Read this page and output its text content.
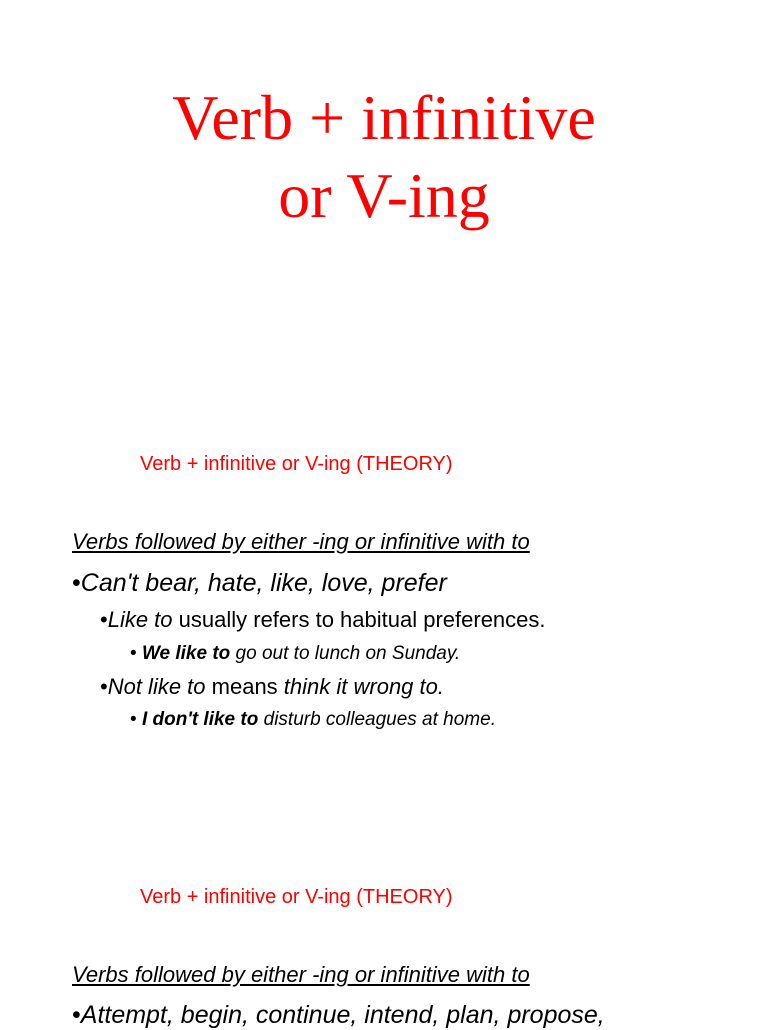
Verb + infinitive
or V-ing
Verb + infinitive or V-ing (THEORY)
Verbs followed by either -ing or infinitive with to
•Can't bear, hate, like, love, prefer
•Like to usually refers to habitual preferences.
• We like to go out to lunch on Sunday.
•Not like to means think it wrong to.
• I don't like to disturb colleagues at home.
Verb + infinitive or V-ing (THEORY)
Verbs followed by either -ing or infinitive with to
•Attempt, begin, continue, intend, plan, propose,
